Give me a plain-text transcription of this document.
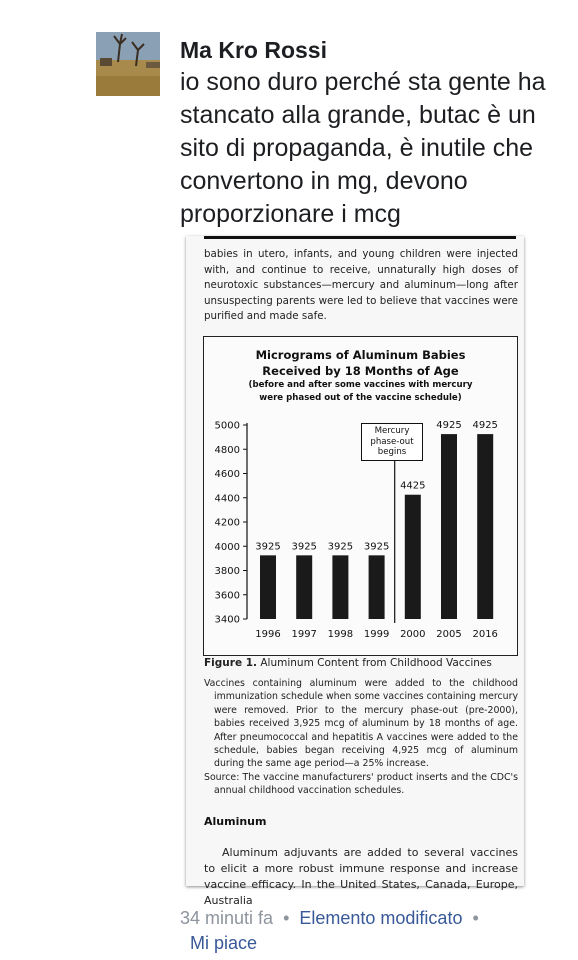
Ma Kro Rossi
io sono duro perché sta gente ha stancato alla grande, butac è un sito di propaganda, è inutile che convertono in mg, devono proporzionare i mcg
babies in utero, infants, and young children were injected with, and continue to receive, unnaturally high doses of neurotoxic substances—mercury and aluminum—long after unsuspecting parents were led to believe that vaccines were purified and made safe.
Micrograms of Aluminum Babies
Received by 18 Months of Age
(before and after some vaccines with mercury
were phased out of the vaccine schedule)
3400
3600
3800
4000
4200
4400
4600
4800
5000
3925
1996
3925
1997
3925
1998
3925
1999
4425
2000
4925
2005
4925
2016
Mercury
phase-out
begins
Figure 1. Aluminum Content from Childhood Vaccines

Vaccines containing aluminum were added to the childhood immunization schedule when some vaccines containing mercury were removed. Prior to the mercury phase-out (pre-2000), babies received 3,925 mcg of aluminum by 18 months of age. After pneumococcal and hepatitis A vaccines were added to the schedule, babies began receiving 4,925 mcg of aluminum during the same age period—a 25% increase.

Source: The vaccine manufacturers' product inserts and the CDC's annual childhood vaccination schedules.

Aluminum
Aluminum adjuvants are added to several vaccines to elicit a more robust immune response and increase vaccine efficacy. In the United States, Canada, Europe, Australia
34 minuti fa • Elemento modificato •
Mi piace
